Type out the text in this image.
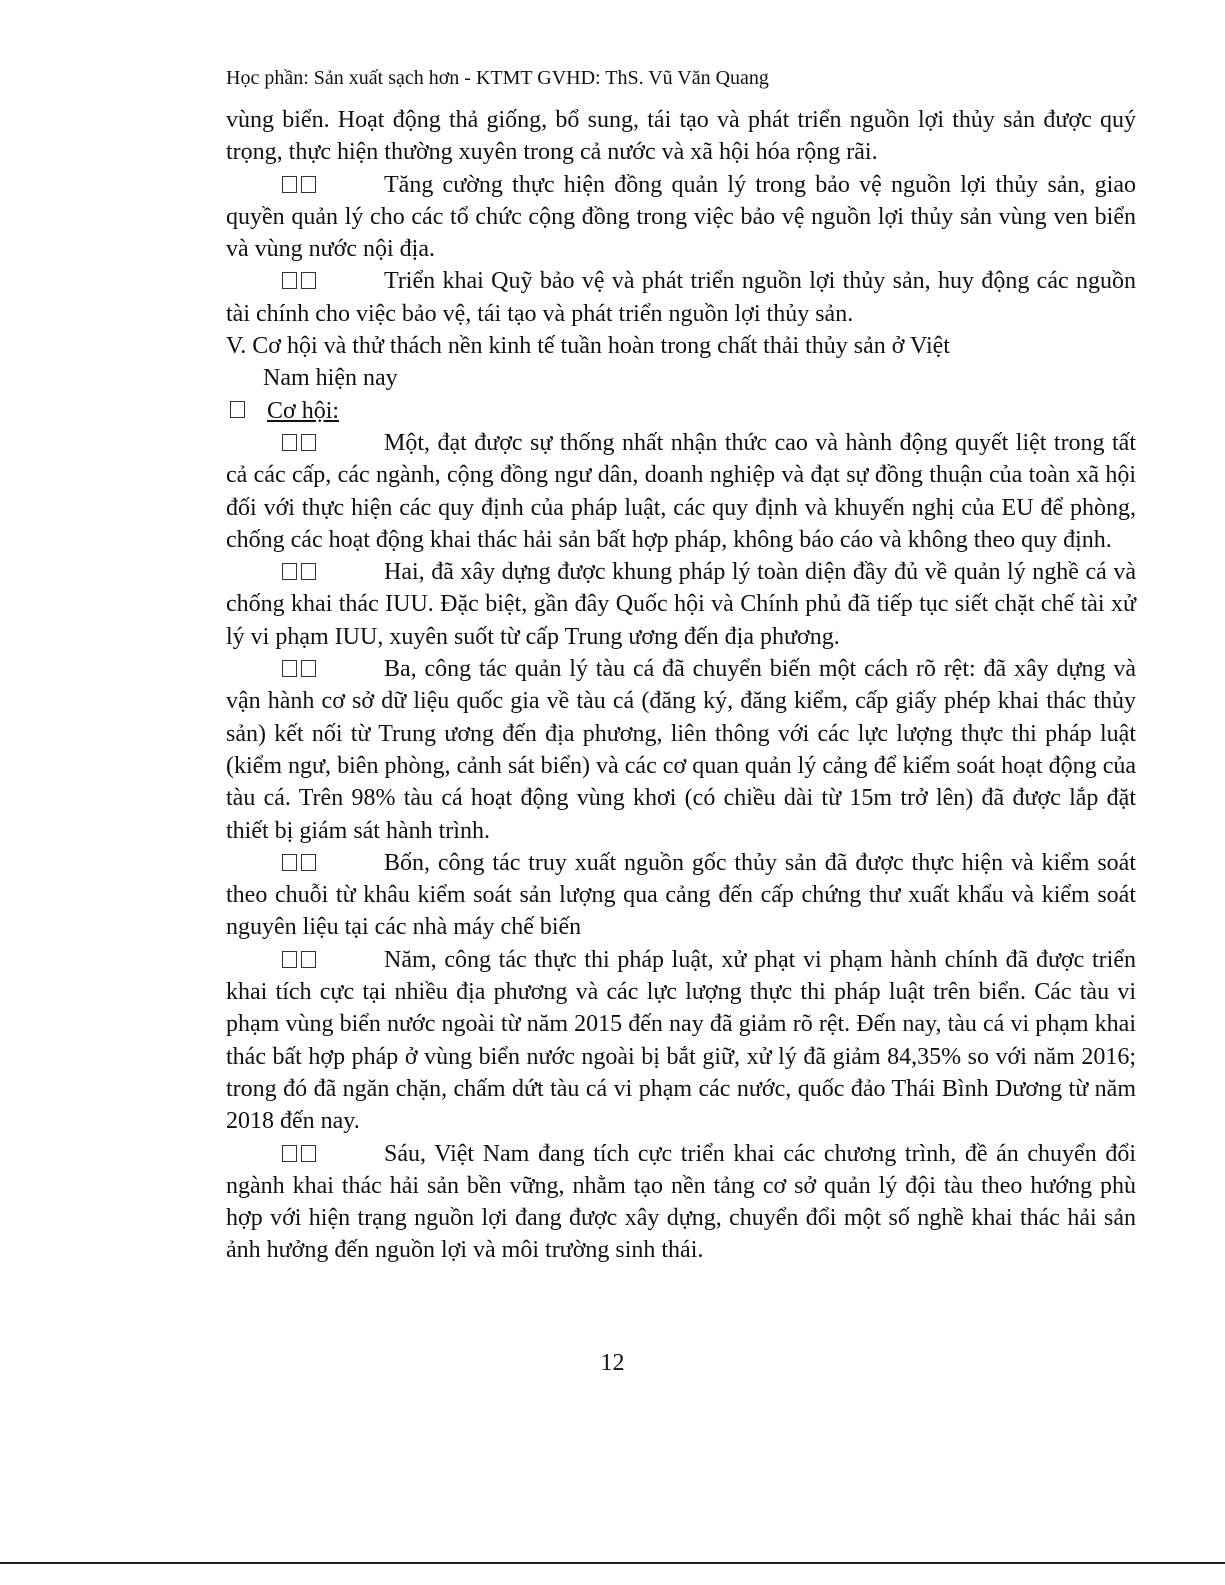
Học phần: Sản xuất sạch hơn - KTMT GVHD: ThS. Vũ Văn Quang

vùng biển. Hoạt động thả giống, bổ sung, tái tạo và phát triển nguồn lợi thủy sản được quý trọng, thực hiện thường xuyên trong cả nước và xã hội hóa rộng rãi.

Tăng cường thực hiện đồng quản lý trong bảo vệ nguồn lợi thủy sản, giao quyền quản lý cho các tổ chức cộng đồng trong việc bảo vệ nguồn lợi thủy sản vùng ven biển và vùng nước nội địa.

Triển khai Quỹ bảo vệ và phát triển nguồn lợi thủy sản, huy động các nguồn tài chính cho việc bảo vệ, tái tạo và phát triển nguồn lợi thủy sản.

V. Cơ hội và thử thách nền kinh tế tuần hoàn trong chất thải thủy sản ở Việt

Nam hiện nay

Cơ hội:

Một, đạt được sự thống nhất nhận thức cao và hành động quyết liệt trong tất cả các cấp, các ngành, cộng đồng ngư dân, doanh nghiệp và đạt sự đồng thuận của toàn xã hội đối với thực hiện các quy định của pháp luật, các quy định và khuyến nghị của EU để phòng, chống các hoạt động khai thác hải sản bất hợp pháp, không báo cáo và không theo quy định.

Hai, đã xây dựng được khung pháp lý toàn diện đầy đủ về quản lý nghề cá và chống khai thác IUU. Đặc biệt, gần đây Quốc hội và Chính phủ đã tiếp tục siết chặt chế tài xử lý vi phạm IUU, xuyên suốt từ cấp Trung ương đến địa phương.

Ba, công tác quản lý tàu cá đã chuyển biến một cách rõ rệt: đã xây dựng và vận hành cơ sở dữ liệu quốc gia về tàu cá (đăng ký, đăng kiểm, cấp giấy phép khai thác thủy sản) kết nối từ Trung ương đến địa phương, liên thông với các lực lượng thực thi pháp luật (kiểm ngư, biên phòng, cảnh sát biển) và các cơ quan quản lý cảng để kiểm soát hoạt động của tàu cá. Trên 98% tàu cá hoạt động vùng khơi (có chiều dài từ 15m trở lên) đã được lắp đặt thiết bị giám sát hành trình.

Bốn, công tác truy xuất nguồn gốc thủy sản đã được thực hiện và kiểm soát theo chuỗi từ khâu kiểm soát sản lượng qua cảng đến cấp chứng thư xuất khẩu và kiểm soát nguyên liệu tại các nhà máy chế biến

Năm, công tác thực thi pháp luật, xử phạt vi phạm hành chính đã được triển khai tích cực tại nhiều địa phương và các lực lượng thực thi pháp luật trên biển. Các tàu vi phạm vùng biển nước ngoài từ năm 2015 đến nay đã giảm rõ rệt. Đến nay, tàu cá vi phạm khai thác bất hợp pháp ở vùng biển nước ngoài bị bắt giữ, xử lý đã giảm 84,35% so với năm 2016; trong đó đã ngăn chặn, chấm dứt tàu cá vi phạm các nước, quốc đảo Thái Bình Dương từ năm 2018 đến nay.

Sáu, Việt Nam đang tích cực triển khai các chương trình, đề án chuyển đổi ngành khai thác hải sản bền vững, nhằm tạo nền tảng cơ sở quản lý đội tàu theo hướng phù hợp với hiện trạng nguồn lợi đang được xây dựng, chuyển đổi một số nghề khai thác hải sản ảnh hưởng đến nguồn lợi và môi trường sinh thái.

12
